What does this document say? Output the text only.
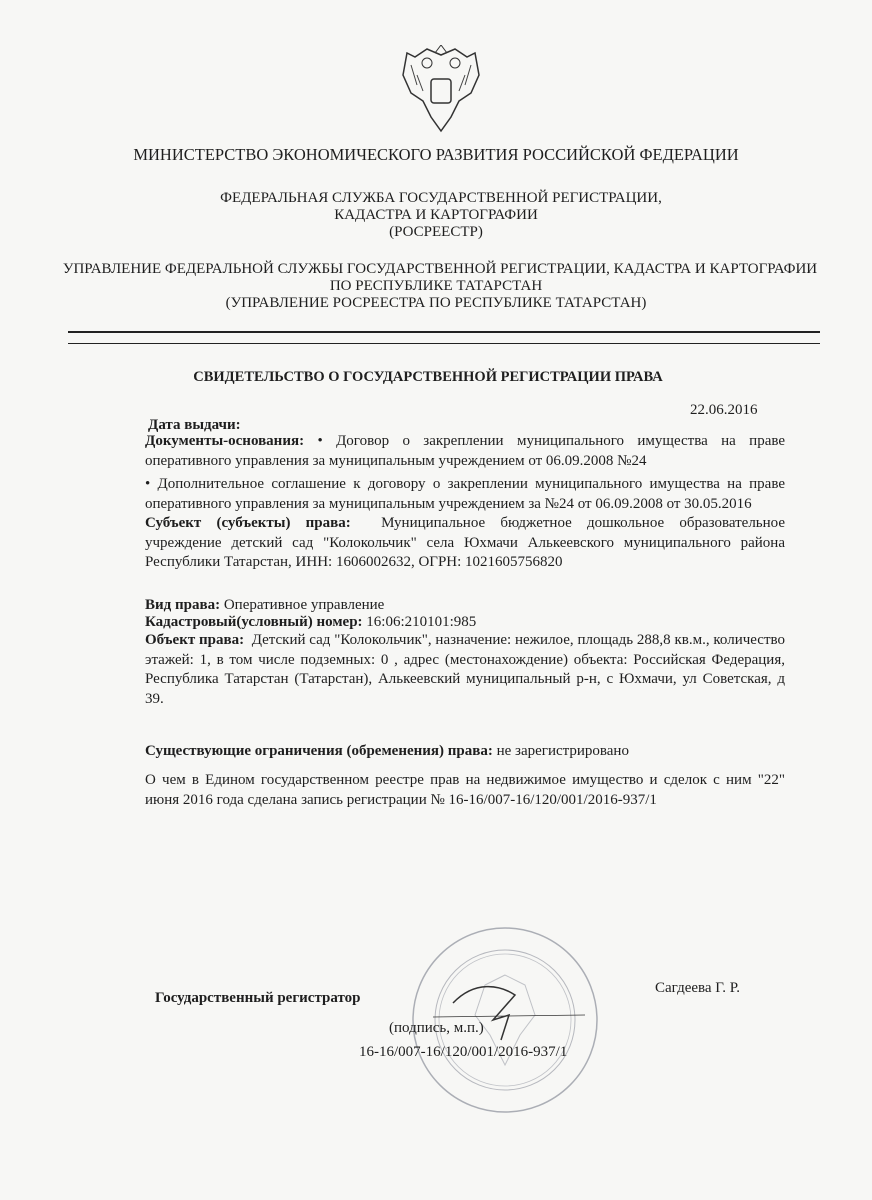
МИНИСТЕРСТВО ЭКОНОМИЧЕСКОГО РАЗВИТИЯ РОССИЙСКОЙ ФЕДЕРАЦИИ
ФЕДЕРАЛЬНАЯ СЛУЖБА ГОСУДАРСТВЕННОЙ РЕГИСТРАЦИИ,
КАДАСТРА И КАРТОГРАФИИ
(РОСРЕЕСТР)
УПРАВЛЕНИЕ ФЕДЕРАЛЬНОЙ СЛУЖБЫ ГОСУДАРСТВЕННОЙ РЕГИСТРАЦИИ, КАДАСТРА И КАРТОГРАФИИ
ПО РЕСПУБЛИКЕ ТАТАРСТАН
(УПРАВЛЕНИЕ РОСРЕЕСТРА ПО РЕСПУБЛИКЕ ТАТАРСТАН)
СВИДЕТЕЛЬСТВО О ГОСУДАРСТВЕННОЙ РЕГИСТРАЦИИ ПРАВА
Дата выдачи:
22.06.2016
Документы-основания: • Договор о закреплении муниципального имущества на праве оперативного управления за муниципальным учреждением от 06.09.2008 №24
• Дополнительное соглашение к договору о закреплении муниципального имущества на праве оперативного управления за муниципальным учреждением за №24 от 06.09.2008 от 30.05.2016
Субъект (субъекты) права: Муниципальное бюджетное дошкольное образовательное учреждение детский сад "Колокольчик" села Юхмачи Алькеевского муниципального района Республики Татарстан, ИНН: 1606002632, ОГРН: 1021605756820
Вид права: Оперативное управление
Кадастровый(условный) номер: 16:06:210101:985
Объект права: Детский сад "Колокольчик", назначение: нежилое, площадь 288,8 кв.м., количество этажей: 1, в том числе подземных: 0 , адрес (местонахождение) объекта: Российская Федерация, Республика Татарстан (Татарстан), Алькеевский муниципальный р-н, с Юхмачи, ул Советская, д 39.
Существующие ограничения (обременения) права: не зарегистрировано
О чем в Едином государственном реестре прав на недвижимое имущество и сделок с ним "22" июня 2016 года сделана запись регистрации № 16-16/007-16/120/001/2016-937/1
Государственный регистратор
Сагдеева Г. Р.
(подпись, м.п.)
16-16/007-16/120/001/2016-937/1
